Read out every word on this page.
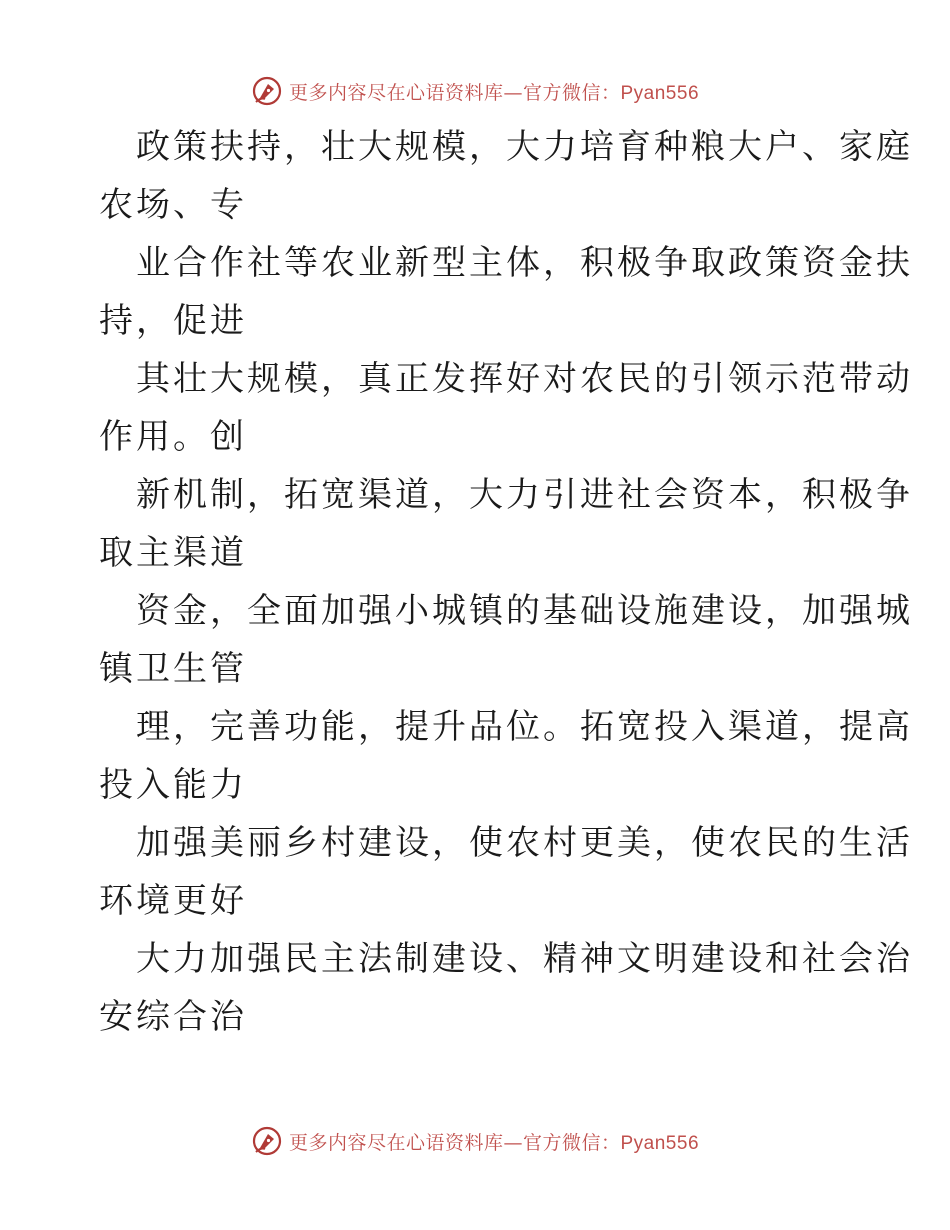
更多内容尽在心语资料库—官方微信：Pyan556

政策扶持，壮大规模，大力培育种粮大户、家庭
农场、专

业合作社等农业新型主体，积极争取政策资金扶
持，促进

其壮大规模，真正发挥好对农民的引领示范带动
作用。创

新机制，拓宽渠道，大力引进社会资本，积极争
取主渠道

资金，全面加强小城镇的基础设施建设，加强城
镇卫生管

理，完善功能，提升品位。拓宽投入渠道，提高
投入能力

加强美丽乡村建设，使农村更美，使农民的生活
环境更好

大力加强民主法制建设、精神文明建设和社会治
安综合治

更多内容尽在心语资料库—官方微信：Pyan556
